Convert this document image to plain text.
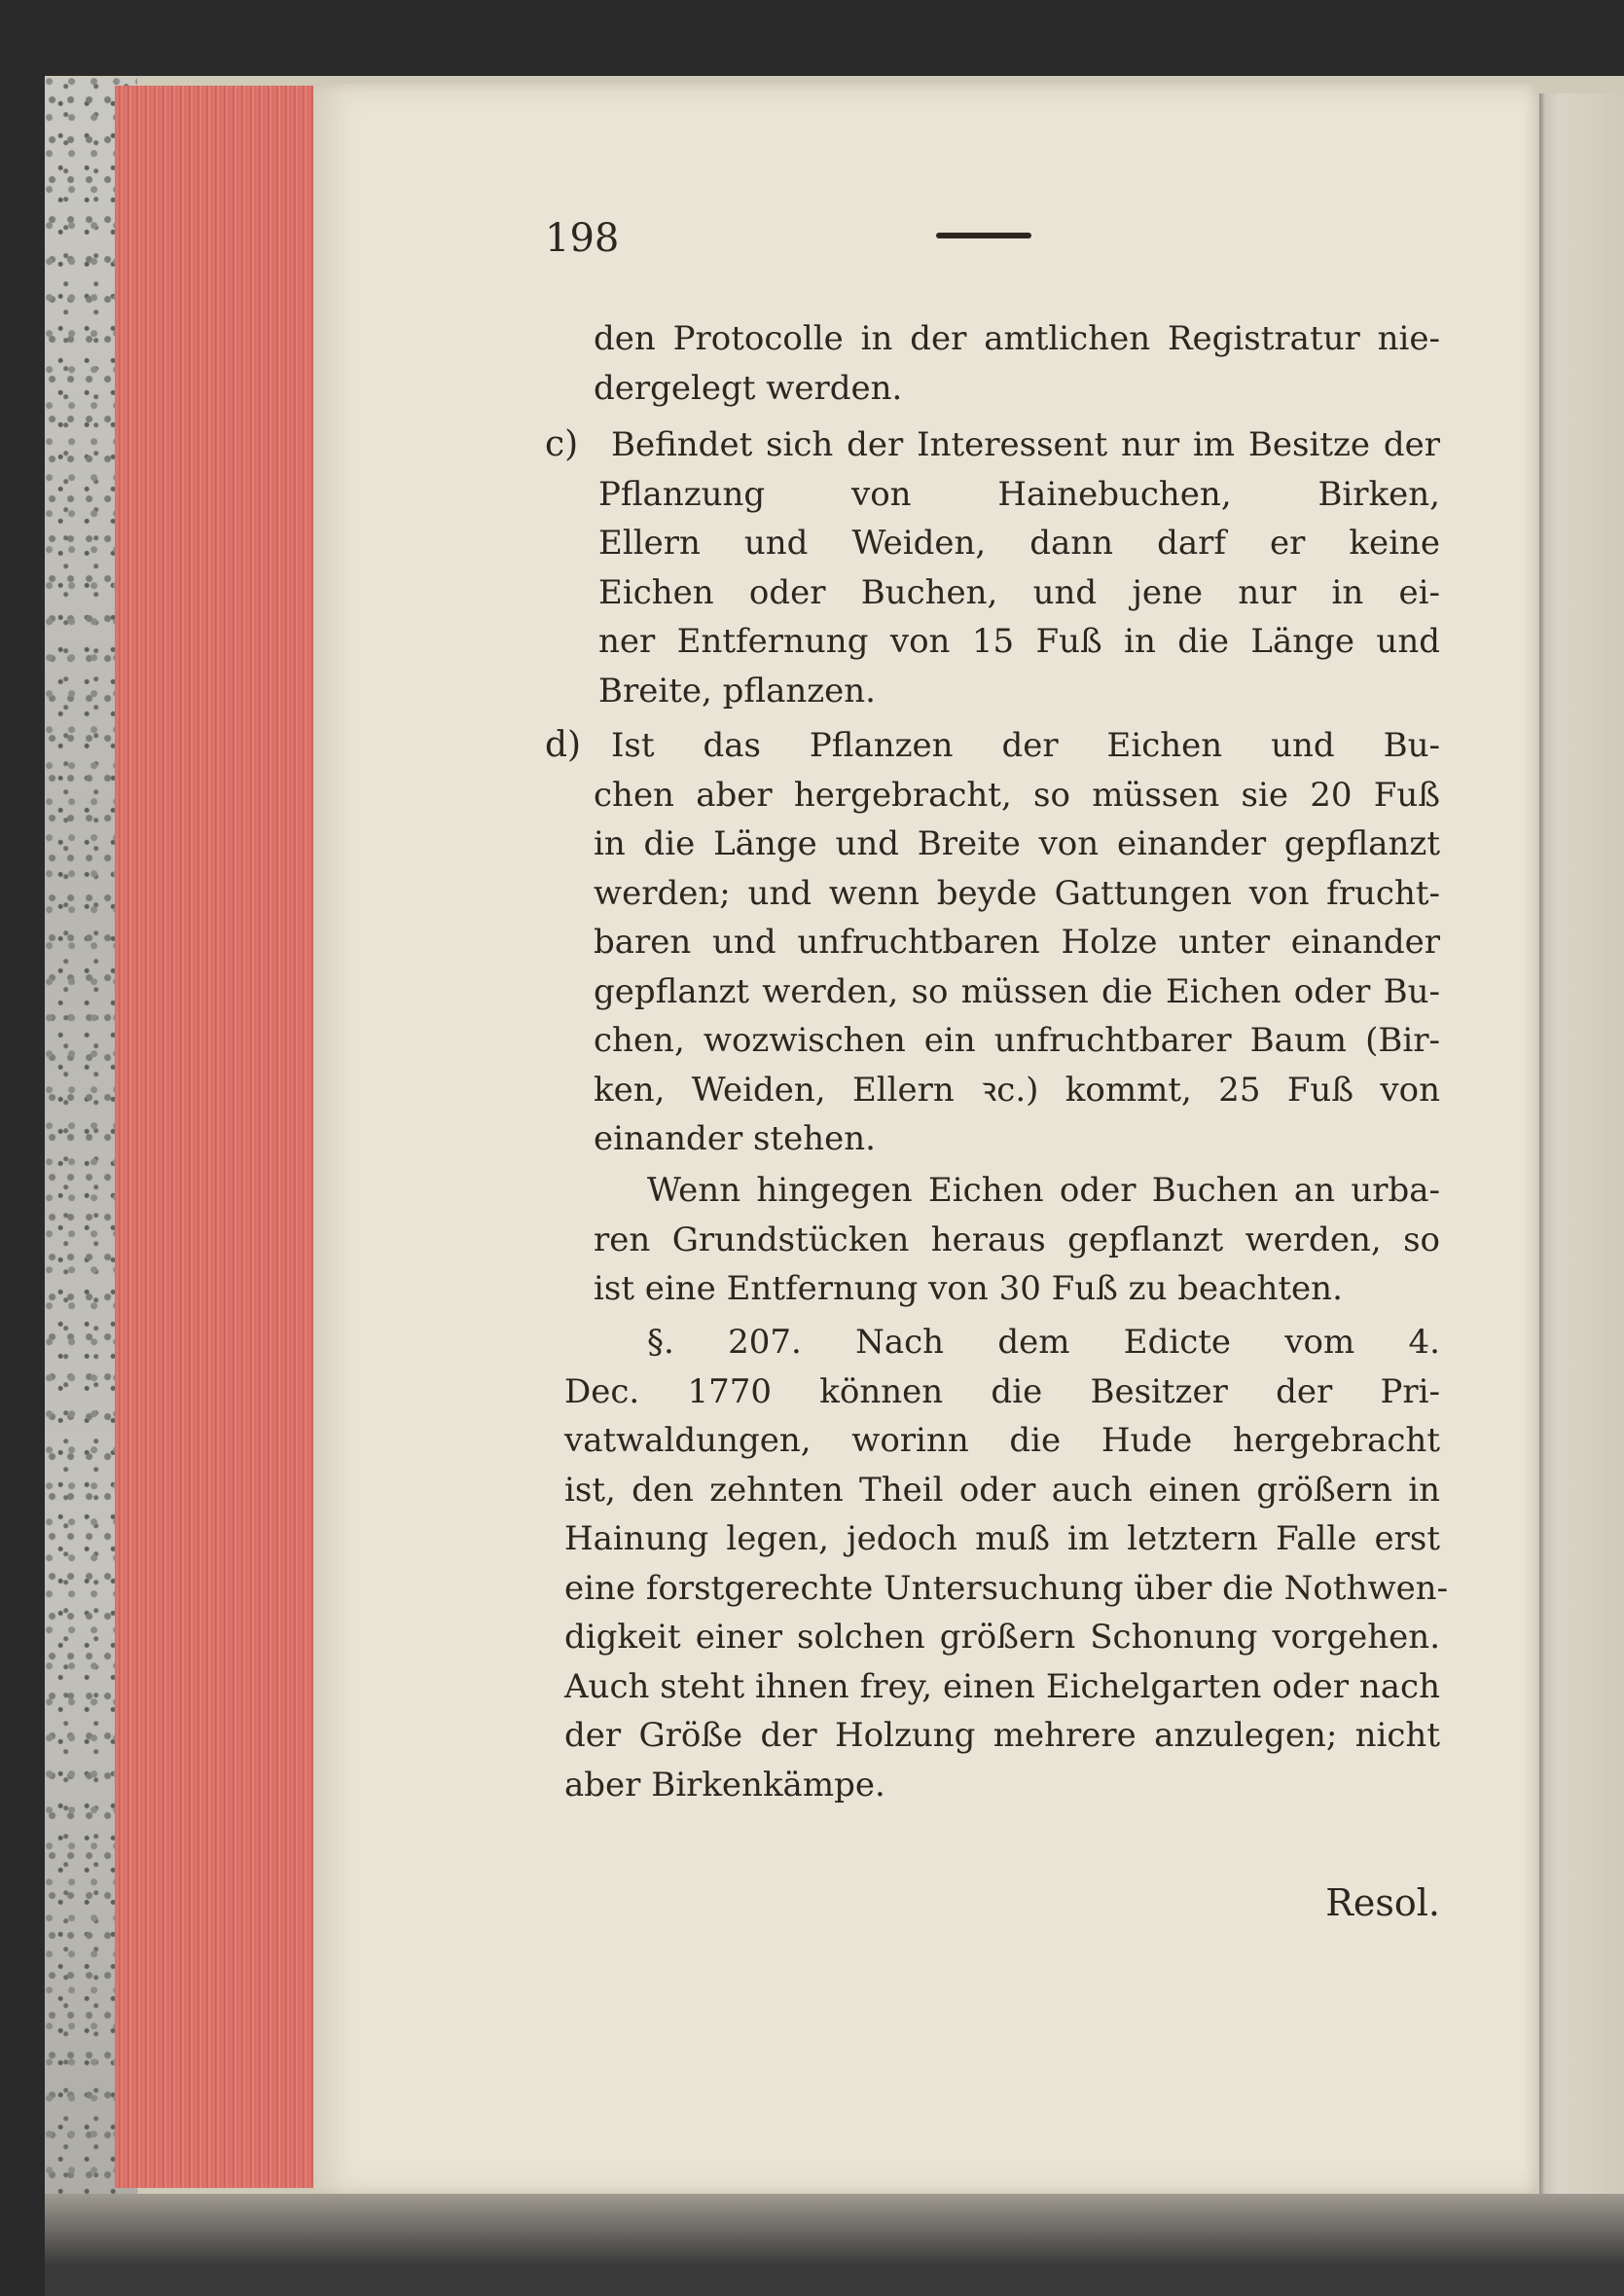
198
den Protocolle in der amtlichen Registratur nie-
dergelegt werden.
c) Befindet sich der Interessent nur im Besitze der
Pflanzung von Hainebuchen, Birken,
Ellern und Weiden, dann darf er keine
Eichen oder Buchen, und jene nur in ei-
ner Entfernung von 15 Fuß in die Länge und
Breite, pflanzen.
d) Ist das Pflanzen der Eichen und Bu-
chen aber hergebracht, so müssen sie 20 Fuß
in die Länge und Breite von einander gepflanzt
werden; und wenn beyde Gattungen von frucht-
baren und unfruchtbaren Holze unter einander
gepflanzt werden, so müssen die Eichen oder Bu-
chen, wozwischen ein unfruchtbarer Baum (Bir-
ken, Weiden, Ellern ꝛc.) kommt, 25 Fuß von
einander stehen.
Wenn hingegen Eichen oder Buchen an urba-
ren Grundstücken heraus gepflanzt werden, so
ist eine Entfernung von 30 Fuß zu beachten.
§. 207. Nach dem Edicte vom 4.
Dec. 1770 können die Besitzer der Pri-
vatwaldungen, worinn die Hude hergebracht
ist, den zehnten Theil oder auch einen größern in
Hainung legen, jedoch muß im letztern Falle erst
eine forstgerechte Untersuchung über die Nothwen-
digkeit einer solchen größern Schonung vorgehen.
Auch steht ihnen frey, einen Eichelgarten oder nach
der Größe der Holzung mehrere anzulegen; nicht
aber Birkenkämpe.
Resol.
